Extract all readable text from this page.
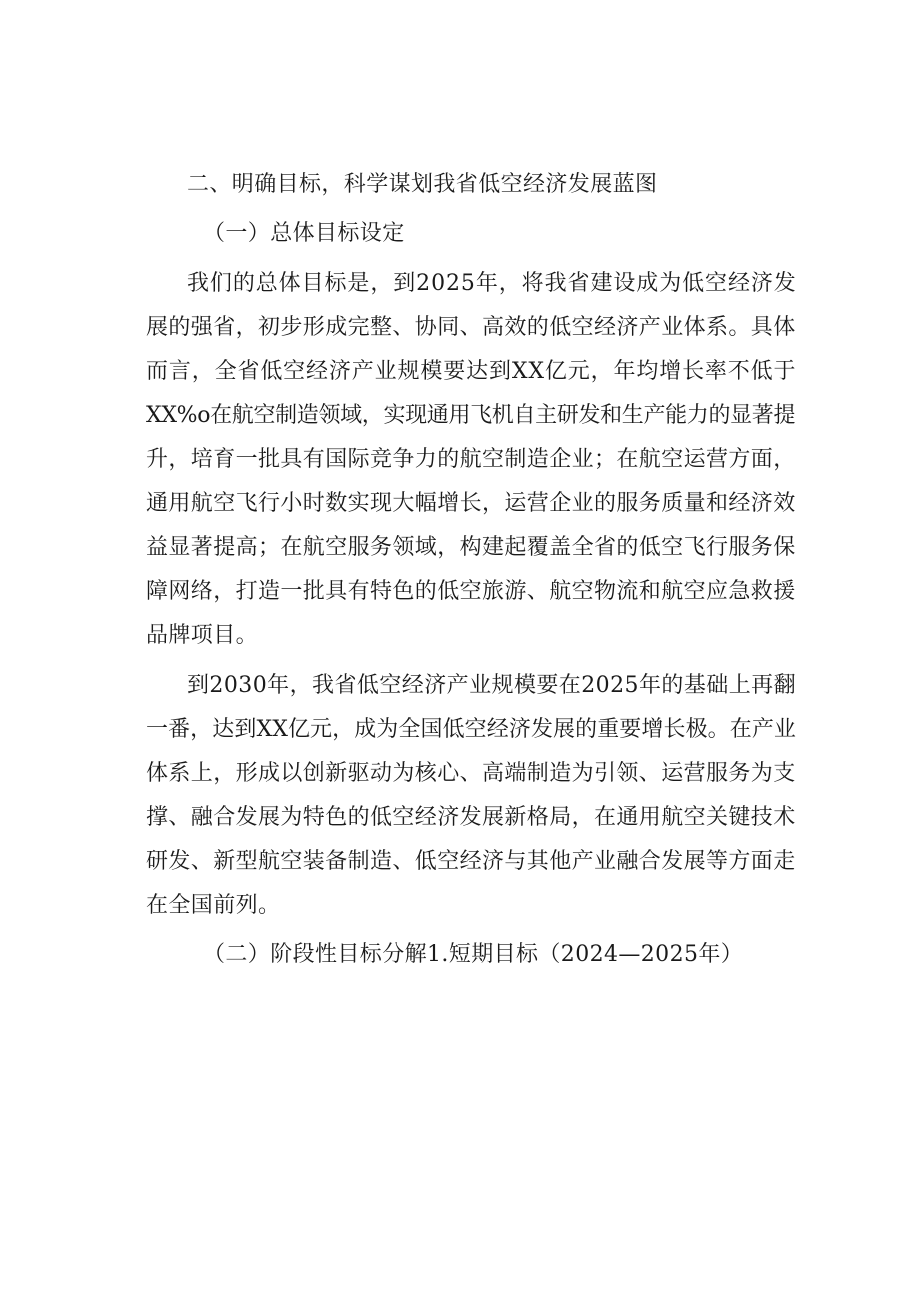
二、明确目标，科学谋划我省低空经济发展蓝图
（一）总体目标设定
我们的总体目标是，到2025年，将我省建设成为低空经济发
展的强省，初步形成完整、协同、高效的低空经济产业体系。具体
而言，全省低空经济产业规模要达到XX亿元，年均增长率不低于
XX%o在航空制造领域，实现通用飞机自主研发和生产能力的显著提
升，培育一批具有国际竞争力的航空制造企业；在航空运营方面，
通用航空飞行小时数实现大幅增长，运营企业的服务质量和经济效
益显著提高；在航空服务领域，构建起覆盖全省的低空飞行服务保
障网络，打造一批具有特色的低空旅游、航空物流和航空应急救援
品牌项目。
到2030年，我省低空经济产业规模要在2025年的基础上再翻
一番，达到XX亿元，成为全国低空经济发展的重要增长极。在产业
体系上，形成以创新驱动为核心、高端制造为引领、运营服务为支
撑、融合发展为特色的低空经济发展新格局，在通用航空关键技术
研发、新型航空装备制造、低空经济与其他产业融合发展等方面走
在全国前列。
（二）阶段性目标分解1.短期目标（2024—2025年）
